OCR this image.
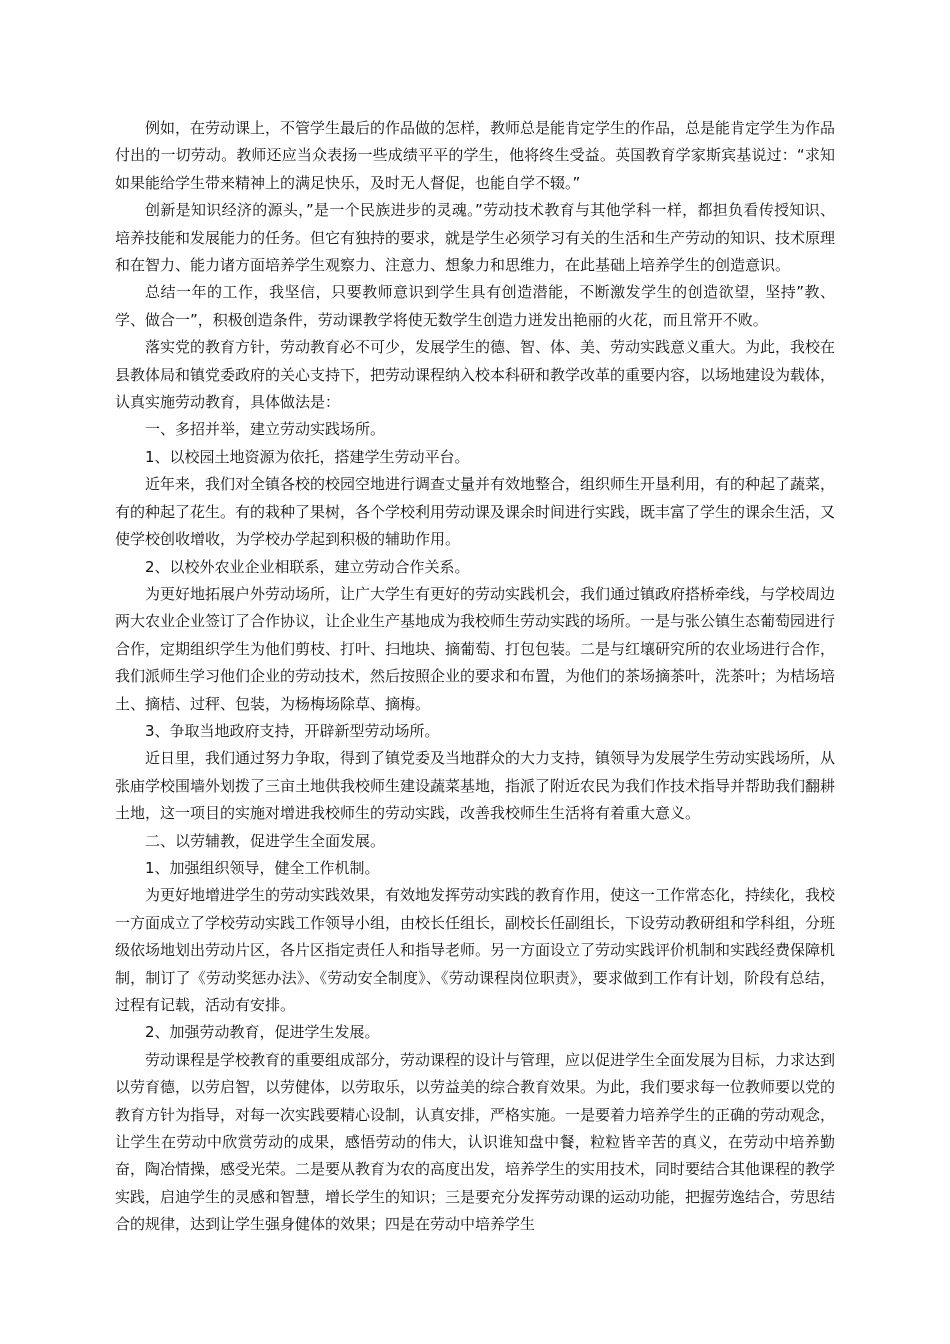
例如，在劳动课上，不管学生最后的作品做的怎样，教师总是能肯定学生的作品，总是能肯定学生为作品付出的一切劳动。教师还应当众表扬一些成绩平平的学生，他将终生受益。英国教育学家斯宾基说过：“求知如果能给学生带来精神上的满足快乐，及时无人督促，也能自学不辍。”

创新是知识经济的源头，”是一个民族进步的灵魂。”劳动技术教育与其他学科一样，都担负看传授知识、培养技能和发展能力的任务。但它有独持的要求，就是学生必须学习有关的生活和生产劳动的知识、技术原理和在智力、能力诸方面培养学生观察力、注意力、想象力和思维力，在此基础上培养学生的创造意识。

总结一年的工作，我坚信，只要教师意识到学生具有创造潜能，不断激发学生的创造欲望，坚持”教、学、做合一”，积极创造条件，劳动课教学将使无数学生创造力迸发出艳丽的火花，而且常开不败。

落实党的教育方针，劳动教育必不可少，发展学生的德、智、体、美、劳动实践意义重大。为此，我校在县教体局和镇党委政府的关心支持下，把劳动课程纳入校本科研和教学改革的重要内容，以场地建设为载体，认真实施劳动教育，具体做法是：

一、多招并举，建立劳动实践场所。

1、以校园土地资源为依托，搭建学生劳动平台。

近年来，我们对全镇各校的校园空地进行调查丈量并有效地整合，组织师生开垦利用，有的种起了蔬菜，有的种起了花生。有的栽种了果树，各个学校利用劳动课及课余时间进行实践，既丰富了学生的课余生活，又使学校创收增收，为学校办学起到积极的辅助作用。

2、以校外农业企业相联系，建立劳动合作关系。

为更好地拓展户外劳动场所，让广大学生有更好的劳动实践机会，我们通过镇政府搭桥牵线，与学校周边两大农业企业签订了合作协议，让企业生产基地成为我校师生劳动实践的场所。一是与张公镇生态葡萄园进行合作，定期组织学生为他们剪枝、打叶、扫地块、摘葡萄、打包包装。二是与红壤研究所的农业场进行合作，我们派师生学习他们企业的劳动技术，然后按照企业的要求和布置，为他们的茶场摘茶叶，洗茶叶；为桔场培土、摘桔、过秤、包装，为杨梅场除草、摘梅。

3、争取当地政府支持，开辟新型劳动场所。

近日里，我们通过努力争取，得到了镇党委及当地群众的大力支持，镇领导为发展学生劳动实践场所，从张庙学校围墙外划拨了三亩土地供我校师生建设蔬菜基地，指派了附近农民为我们作技术指导并帮助我们翻耕土地，这一项目的实施对增进我校师生的劳动实践，改善我校师生生活将有着重大意义。

二、以劳辅教，促进学生全面发展。

1、加强组织领导，健全工作机制。

为更好地增进学生的劳动实践效果，有效地发挥劳动实践的教育作用，使这一工作常态化，持续化，我校一方面成立了学校劳动实践工作领导小组，由校长任组长，副校长任副组长，下设劳动教研组和学科组，分班级依场地划出劳动片区，各片区指定责任人和指导老师。另一方面设立了劳动实践评价机制和实践经费保障机制，制订了《劳动奖惩办法》、《劳动安全制度》、《劳动课程岗位职责》，要求做到工作有计划，阶段有总结，过程有记载，活动有安排。

2、加强劳动教育，促进学生发展。

劳动课程是学校教育的重要组成部分，劳动课程的设计与管理，应以促进学生全面发展为目标，力求达到以劳育德，以劳启智，以劳健体，以劳取乐，以劳益美的综合教育效果。为此，我们要求每一位教师要以党的教育方针为指导，对每一次实践要精心设制，认真安排，严格实施。一是要着力培养学生的正确的劳动观念，让学生在劳动中欣赏劳动的成果，感悟劳动的伟大，认识谁知盘中餐，粒粒皆辛苦的真义，在劳动中培养勤奋，陶冶情操，感受光荣。二是要从教育为农的高度出发，培养学生的实用技术，同时要结合其他课程的教学实践，启迪学生的灵感和智慧，增长学生的知识；三是要充分发挥劳动课的运动功能，把握劳逸结合，劳思结合的规律，达到让学生强身健体的效果；四是在劳动中培养学生
